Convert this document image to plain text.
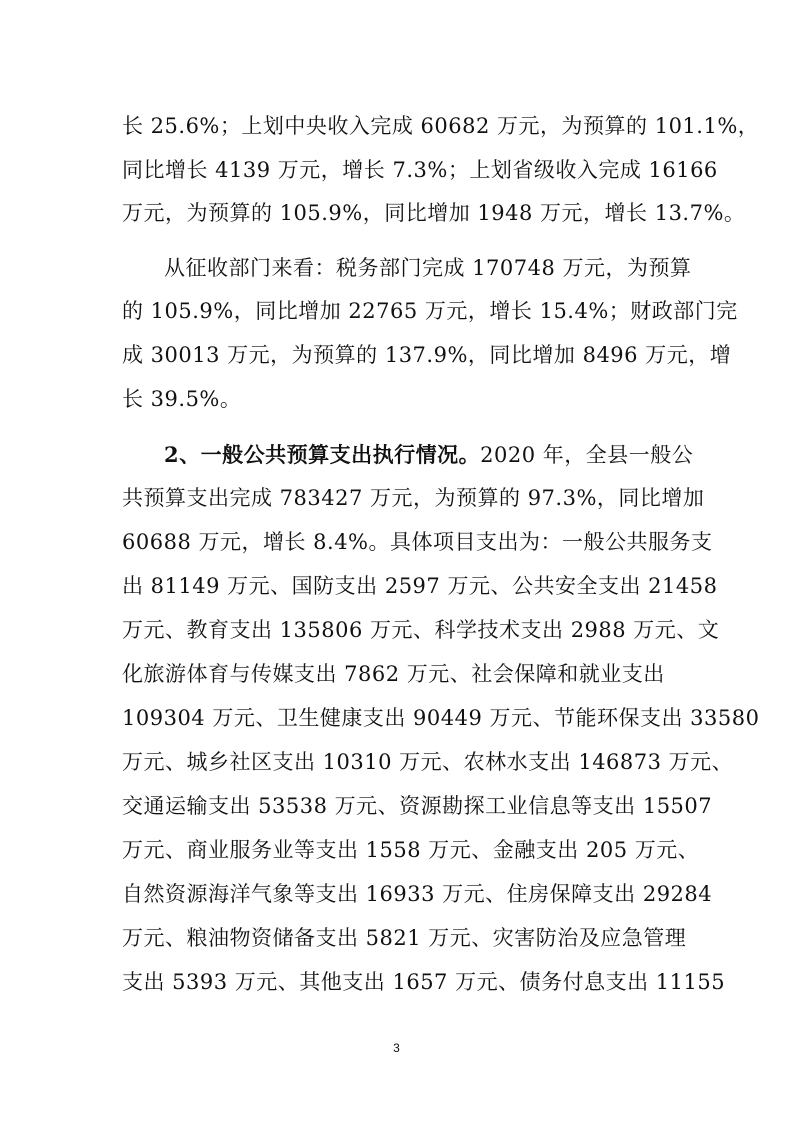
长 25.6%；上划中央收入完成 60682 万元，为预算的 101.1%，
同比增长 4139 万元，增长 7.3%；上划省级收入完成 16166
万元，为预算的 105.9%，同比增加 1948 万元，增长 13.7%。
从征收部门来看：税务部门完成 170748 万元，为预算
的 105.9%，同比增加 22765 万元，增长 15.4%；财政部门完
成 30013 万元，为预算的 137.9%，同比增加 8496 万元，增
长 39.5%。
2、一般公共预算支出执行情况。2020 年，全县一般公
共预算支出完成 783427 万元，为预算的 97.3%，同比增加
60688 万元，增长 8.4%。具体项目支出为：一般公共服务支
出 81149 万元、国防支出 2597 万元、公共安全支出 21458
万元、教育支出 135806 万元、科学技术支出 2988 万元、文
化旅游体育与传媒支出 7862 万元、社会保障和就业支出
109304 万元、卫生健康支出 90449 万元、节能环保支出 33580
万元、城乡社区支出 10310 万元、农林水支出 146873 万元、
交通运输支出 53538 万元、资源勘探工业信息等支出 15507
万元、商业服务业等支出 1558 万元、金融支出 205 万元、
自然资源海洋气象等支出 16933 万元、住房保障支出 29284
万元、粮油物资储备支出 5821 万元、灾害防治及应急管理
支出 5393 万元、其他支出 1657 万元、债务付息支出 11155
3
